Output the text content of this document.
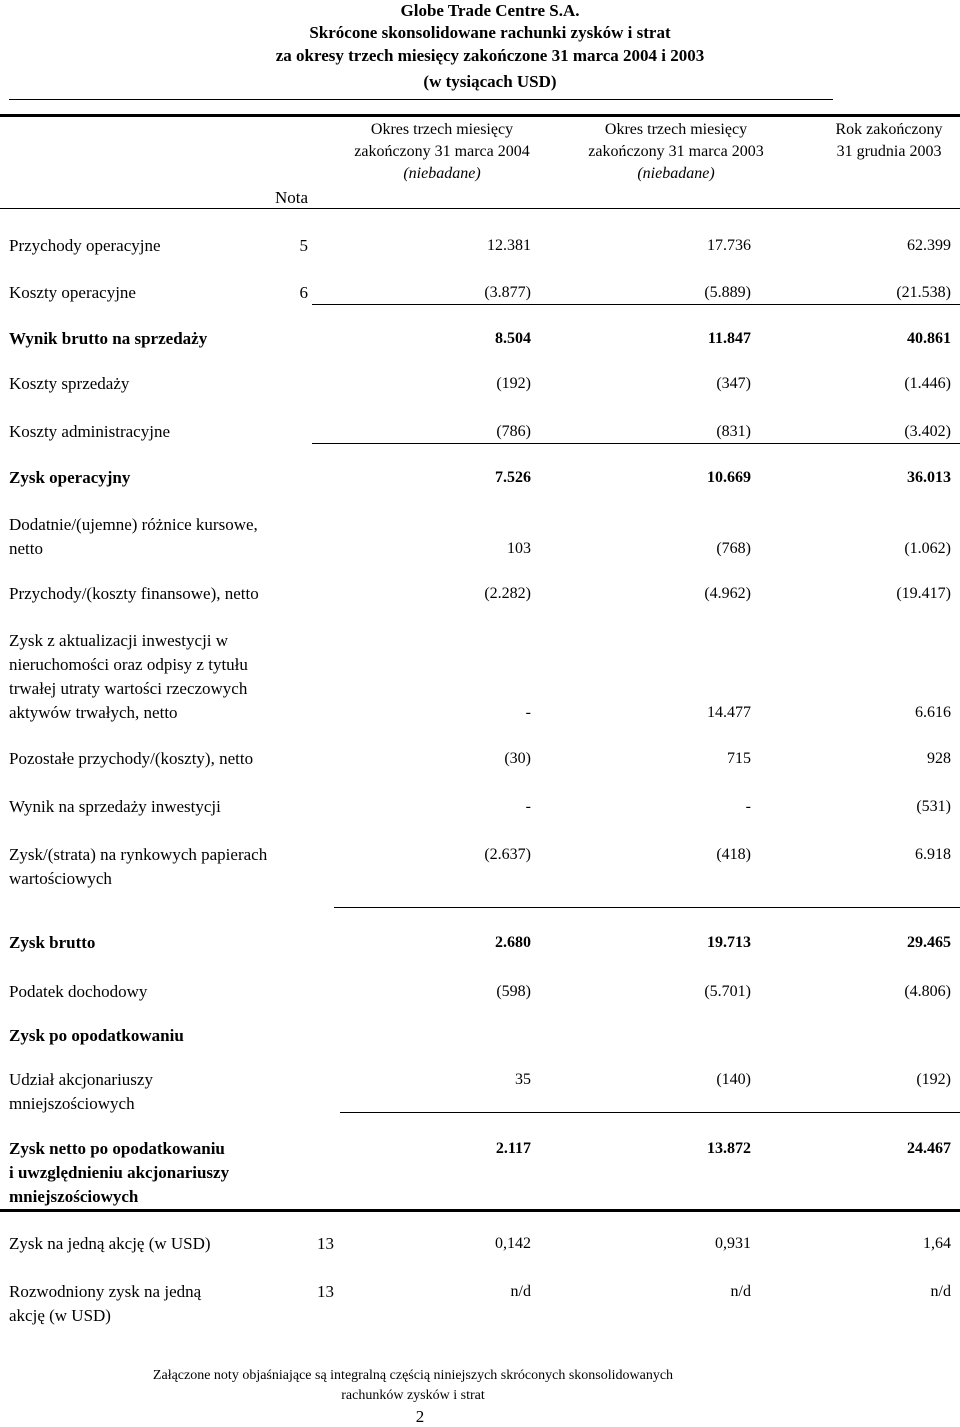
Globe Trade Centre S.A.
Skrócone skonsolidowane rachunki zysków i strat
za okresy trzech miesięcy zakończone 31 marca 2004 i 2003
(w tysiącach USD)
Okres trzech miesięcy
zakończony 31 marca 2004
(niebadane)
Okres trzech miesięcy
zakończony 31 marca 2003
(niebadane)
Rok zakończony
31 grudnia 2003
Nota
Przychody operacyjne	5	12.381	17.736	62.399
Koszty operacyjne	6	(3.877)	(5.889)	(21.538)
Wynik brutto na sprzedaży	8.504	11.847	40.861
Koszty sprzedaży	(192)	(347)	(1.446)
Koszty administracyjne	(786)	(831)	(3.402)
Zysk operacyjny	7.526	10.669	36.013
Dodatnie/(ujemne) różnice kursowe,
netto	103	(768)	(1.062)
Przychody/(koszty finansowe), netto	(2.282)	(4.962)	(19.417)
Zysk z aktualizacji inwestycji w
nieruchomości oraz odpisy z tytułu
trwałej utraty wartości rzeczowych
aktywów trwałych, netto	-	14.477	6.616
Pozostałe przychody/(koszty), netto	(30)	715	928
Wynik na sprzedaży inwestycji	-	-	(531)
Zysk/(strata) na rynkowych papierach
wartościowych
(2.637)	(418)	6.918
Zysk brutto	2.680	19.713	29.465
Podatek dochodowy	(598)	(5.701)	(4.806)
Zysk po opodatkowaniu
Udział akcjonariuszy
mniejszościowych
35	(140)	(192)
Zysk netto po opodatkowaniu
i uwzględnieniu akcjonariuszy
mniejszościowych
2.117	13.872	24.467
Zysk na jedną akcję (w USD)	13	0,142	0,931	1,64
Rozwodniony zysk na jedną
akcję (w USD)
13	n/d	n/d	n/d
Załączone noty objaśniające są integralną częścią niniejszych skróconych skonsolidowanych
rachunków zysków i strat
2
